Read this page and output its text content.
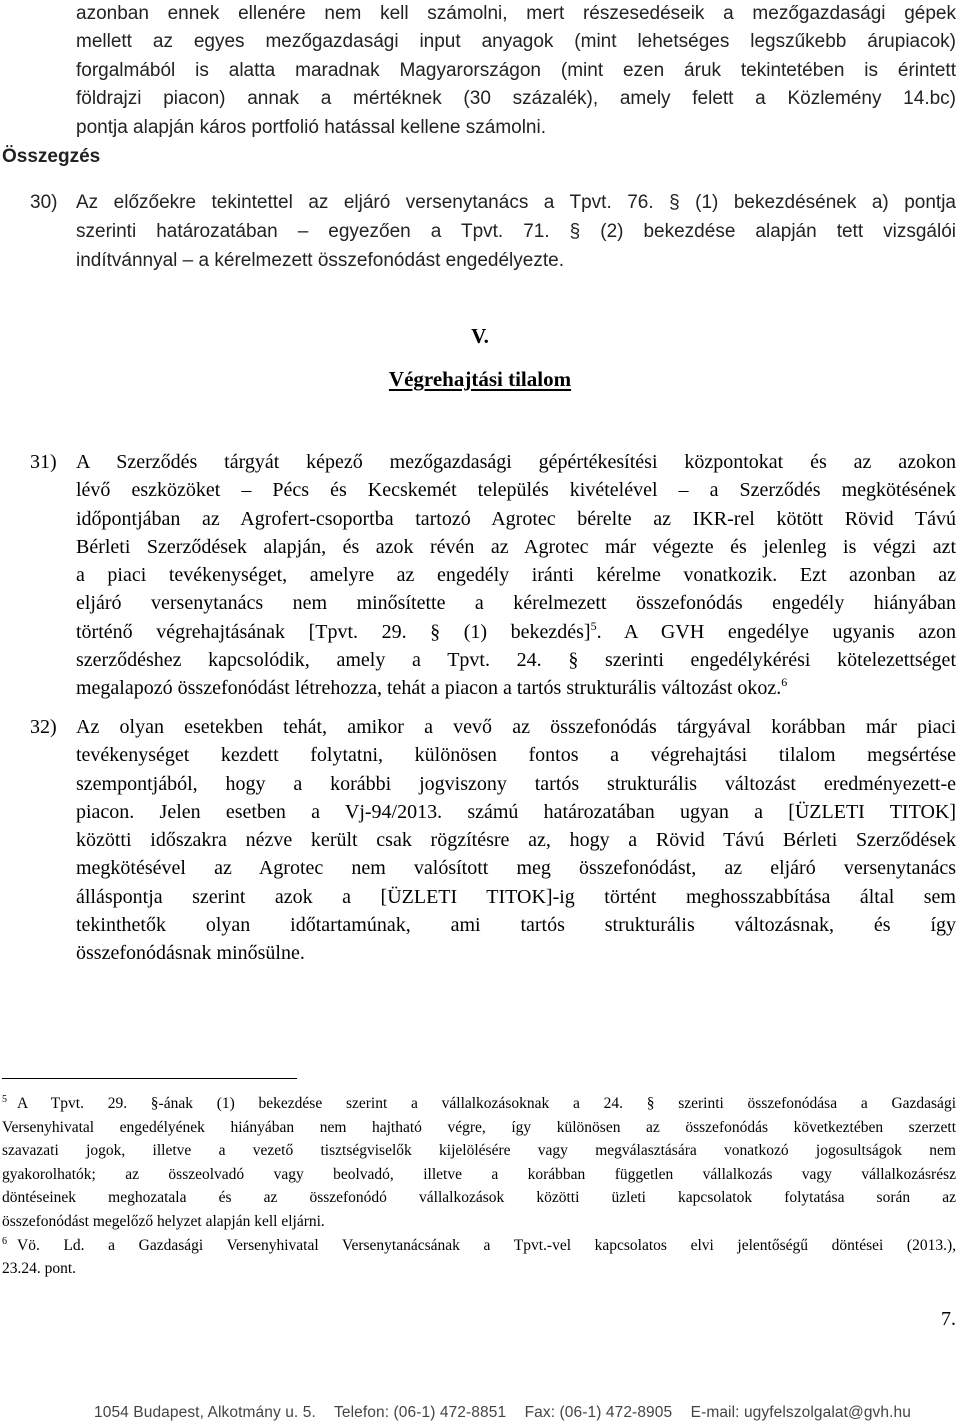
azonban ennek ellenére nem kell számolni, mert részesedéseik a mezőgazdasági gépek
mellett az egyes mezőgazdasági input anyagok (mint lehetséges legszűkebb árupiacok)
forgalmából is alatta maradnak Magyarországon (mint ezen áruk tekintetében is érintett
földrajzi piacon) annak a mértéknek (30 százalék), amely felett a Közlemény 14.bc)
pontja alapján káros portfolió hatással kellene számolni.
Összegzés
30) Az előzőekre tekintettel az eljáró versenytanács a Tpvt. 76. § (1) bekezdésének a) pontja
szerinti határozatában – egyezően a Tpvt. 71. § (2) bekezdése alapján tett vizsgálói
indítvánnyal – a kérelmezett összefonódást engedélyezte.
V.
Végrehajtási tilalom
31) A Szerződés tárgyát képező mezőgazdasági gépértékesítési központokat és az azokon
lévő eszközöket – Pécs és Kecskemét település kivételével – a Szerződés megkötésének
időpontjában az Agrofert-csoportba tartozó Agrotec bérelte az IKR-rel kötött Rövid Távú
Bérleti Szerződések alapján, és azok révén az Agrotec már végezte és jelenleg is végzi azt
a piaci tevékenységet, amelyre az engedély iránti kérelme vonatkozik. Ezt azonban az
eljáró versenytanács nem minősítette a kérelmezett összefonódás engedély hiányában
történő végrehajtásának [Tpvt. 29. § (1) bekezdés]$^5$. A GVH engedélye ugyanis azon
szerződéshez kapcsolódik, amely a Tpvt. 24. § szerinti engedélykérési kötelezettséget
megalapozó összefonódást létrehozza, tehát a piacon a tartós strukturális változást okoz.$^6$
32) Az olyan esetekben tehát, amikor a vevő az összefonódás tárgyával korábban már piaci
tevékenységet kezdett folytatni, különösen fontos a végrehajtási tilalom megsértése
szempontjából, hogy a korábbi jogviszony tartós strukturális változást eredményezett-e
piacon. Jelen esetben a Vj-94/2013. számú határozatában ugyan a [ÜZLETI TITOK]
közötti időszakra nézve került csak rögzítésre az, hogy a Rövid Távú Bérleti Szerződések
megkötésével az Agrotec nem valósított meg összefonódást, az eljáró versenytanács
álláspontja szerint azok a [ÜZLETI TITOK]-ig történt meghosszabbítása által sem
tekinthetők olyan időtartamúnak, ami tartós strukturális változásnak, és így
összefonódásnak minősülne.
$^5$ A Tpvt. 29. §-ának (1) bekezdése szerint a vállalkozásoknak a 24. § szerinti összefonódása a Gazdasági
Versenyhivatal engedélyének hiányában nem hajtható végre, így különösen az összefonódás következtében szerzett
szavazati jogok, illetve a vezető tisztségviselők kijelölésére vagy megválasztására vonatkozó jogosultságok nem
gyakorolhatók; az összeolvadó vagy beolvadó, illetve a korábban független vállalkozás vagy vállalkozásrész
döntéseinek meghozatala és az összefonódó vállalkozások közötti üzleti kapcsolatok folytatása során az
összefonódást megelőző helyzet alapján kell eljárni.
$^6$ Vö. Ld. a Gazdasági Versenyhivatal Versenytanácsának a Tpvt.-vel kapcsolatos elvi jelentőségű döntései (2013.),
23.24. pont.
7.
1054 Budapest, Alkotmány u. 5. Telefon: (06-1) 472-8851 Fax: (06-1) 472-8905 E-mail: ugyfelszolgalat@gvh.hu
